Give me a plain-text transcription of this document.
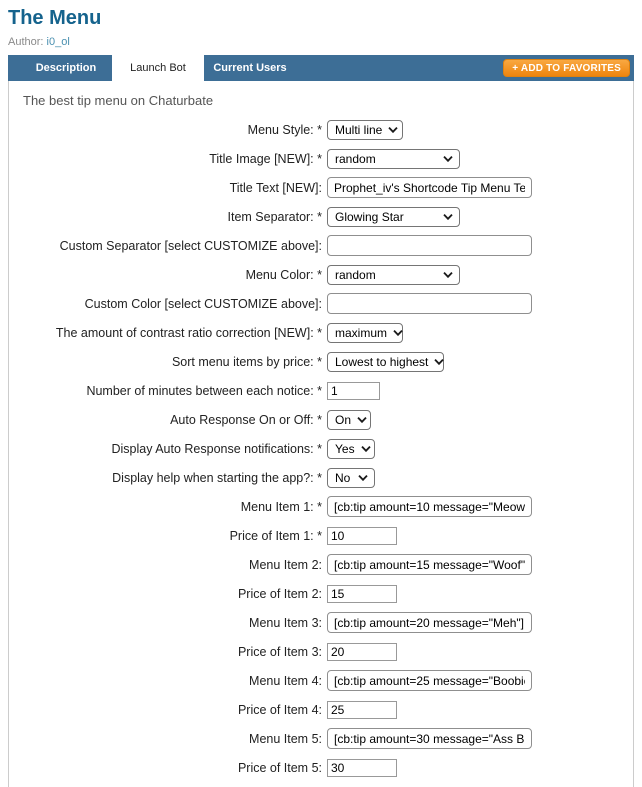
The Menu
Author: i0_ol
Description	Launch Bot	Current Users	+ ADD TO FAVORITES
The best tip menu on Chaturbate
Menu Style: *	Multi line
Title Image [NEW]: *	random
Title Text [NEW]:
Prophet_iv's Shortcode Tip Menu Test
Item Separator: *	Glowing Star
Custom Separator [select CUSTOMIZE above]:
Menu Color: *	random
Custom Color [select CUSTOMIZE above]:
The amount of contrast ratio correction [NEW]: *	maximum
Sort menu items by price: *	Lowest to highest
Number of minutes between each notice: *
1
Auto Response On or Off: *	On
Display Auto Response notifications: *	Yes
Display help when starting the app?: *	No
Menu Item 1: *
[cb:tip amount=10 message="Meow"]
Price of Item 1: *
10
Menu Item 2:
[cb:tip amount=15 message="Woof"]
Price of Item 2:
15
Menu Item 3:
[cb:tip amount=20 message="Meh"]
Price of Item 3:
20
Menu Item 4:
[cb:tip amount=25 message="Boobies"]
Price of Item 4:
25
Menu Item 5:
[cb:tip amount=30 message="Ass BB"]
Price of Item 5:
30
